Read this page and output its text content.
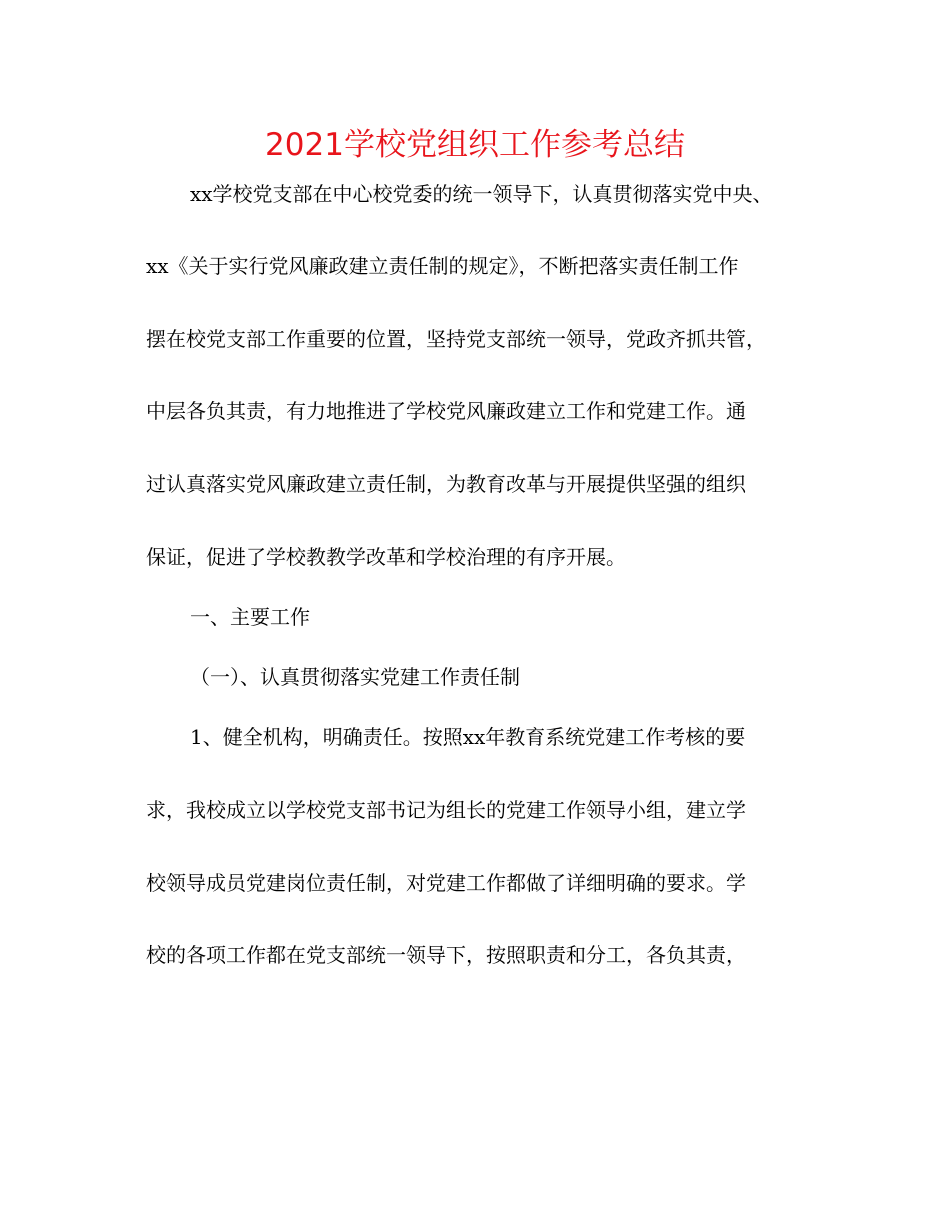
2021学校党组织工作参考总结
xx学校党支部在中心校党委的统一领导下，认真贯彻落实党中央、
xx《关于实行党风廉政建立责任制的规定》，不断把落实责任制工作
摆在校党支部工作重要的位置，坚持党支部统一领导，党政齐抓共管，
中层各负其责，有力地推进了学校党风廉政建立工作和党建工作。通
过认真落实党风廉政建立责任制，为教育改革与开展提供坚强的组织
保证，促进了学校教教学改革和学校治理的有序开展。
一、主要工作
（一）、认真贯彻落实党建工作责任制
1、健全机构，明确责任。按照xx年教育系统党建工作考核的要
求，我校成立以学校党支部书记为组长的党建工作领导小组，建立学
校领导成员党建岗位责任制，对党建工作都做了详细明确的要求。学
校的各项工作都在党支部统一领导下，按照职责和分工，各负其责，
